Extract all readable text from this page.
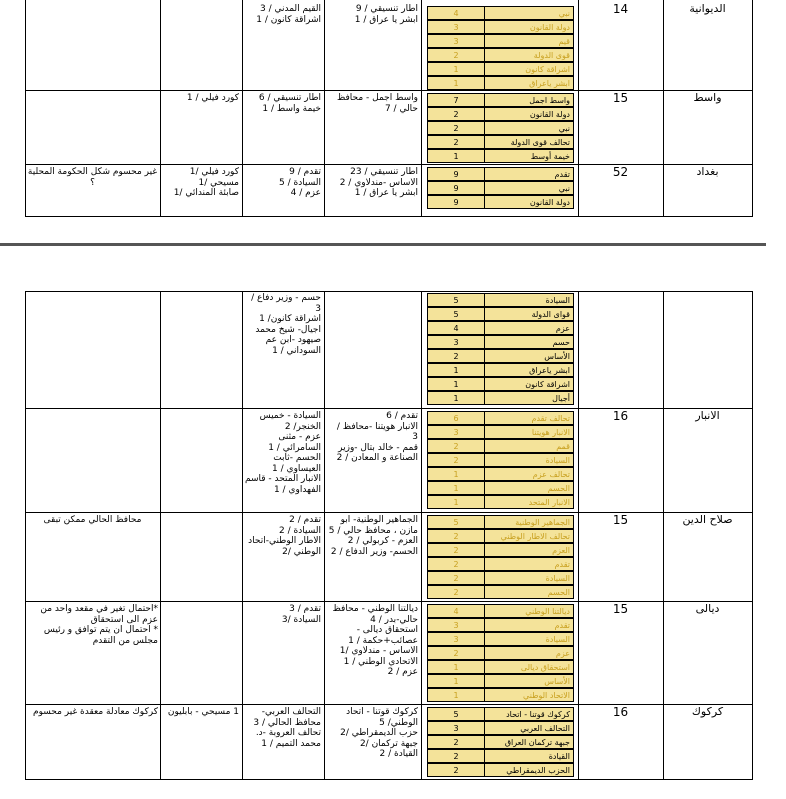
الديوانية
14
نبي
4
دولة القانون
3
قيم
3
قوى الدولة
2
اشراقة كانون
1
ابشر ياعراق
1
اطار تنسيقي / 9
ابشر يا عراق / 1
القيم المدني / 3
اشراقة كانون / 1
واسط
15
واسط اجمل
7
دولة القانون
2
نبي
2
تحالف قوى الدولة
2
خيمة أوسط
1
واسط اجمل - محافظ
حالي / 7
اطار تنسيقي / 6
خيمة واسط / 1
كورد فيلي / 1
بغداد
52
تقدم
9
نبي
9
دولة القانون
9
اطار تنسيقي / 23
الاساس -مندلاوي / 2
ابشر يا عراق / 1
تقدم / 9
السيادة / 5
عزم / 4
كورد فيلي /1
مسيحي /1
صابئة المندائي /1
غير محسوم شكل الحكومة المحلية
؟
السيادة
5
قواى الدولة
5
عزم
4
حسم
3
الأساس
2
ابشر ياعراق
1
اشراقة كانون
1
أجيال
1
حسم - وزير دفاع /
3
اشراقة كانون/ 1
اجيال- شيخ محمد
صيهود -ابن عم
السوداني / 1
الانبار
16
تحالف تقدم
6
الانبار هويتنا
3
قمم
2
السيادة
2
تحالف عزم
1
الحسم
1
الانبار المتحد
1
تقدم / 6
الانبار هويتنا -محافظ /
3
قمم - خالد بتال -وزير
الصناعة و المعادن / 2
السيادة - خميس
الخنجر/ 2
عزم - مثنى
السامرائي / 1
الحسم -ثابت
العيساوي / 1
الانبار المتحد - قاسم
الفهداوي / 1
صلاح الدين
15
الجماهير الوطنية
5
تحالف الاطار الوطني
2
العزم
2
تقدم
2
السيادة
2
الحسم
2
الجماهير الوطنية- ابو
مازن ، محافظ حالي / 5
العزم - كربولي / 2
الحسم- وزير الدفاع / 2
تقدم / 2
السيادة / 2
الاطار الوطني-اتحاد
الوطني /2
محافظ الحالي ممكن تبقى
ديالى
15
ديالتنا الوطني
4
تقدم
3
السيادة
3
عزم
2
استحقاق ديالى
1
الأساس
1
الاتحاد الوطني
1
ديالتنا الوطني - محافظ
حالي-بدر / 4
استحقاق ديالى -
عصائب+حكمة / 1
الاساس - مندلاوي /1
الاتحادي الوطني / 1
عزم / 2
تقدم / 3
السيادة /3
*احتمال تغير في مقعد واحد من
عزم الى استحقاق
* احتمال ان يتم توافق و رئيس
مجلس من التقدم
كركوك
16
كركوك قوتنا - اتحاد
5
التحالف العربي
3
جبهة تركمان العراق
2
القيادة
2
الحزب الديمقراطي
2
كركوك قوتنا - اتحاد
الوطني/ 5
حزب الديمقراطي /2
جبهة تركمان /2
القيادة / 2
التحالف العربي-
محافظ الحالي / 3
تحالف العروبة -د.
محمد التميم / 1
1 مسيحي - بابليون
كركوك معادلة معقدة غير محسوم
